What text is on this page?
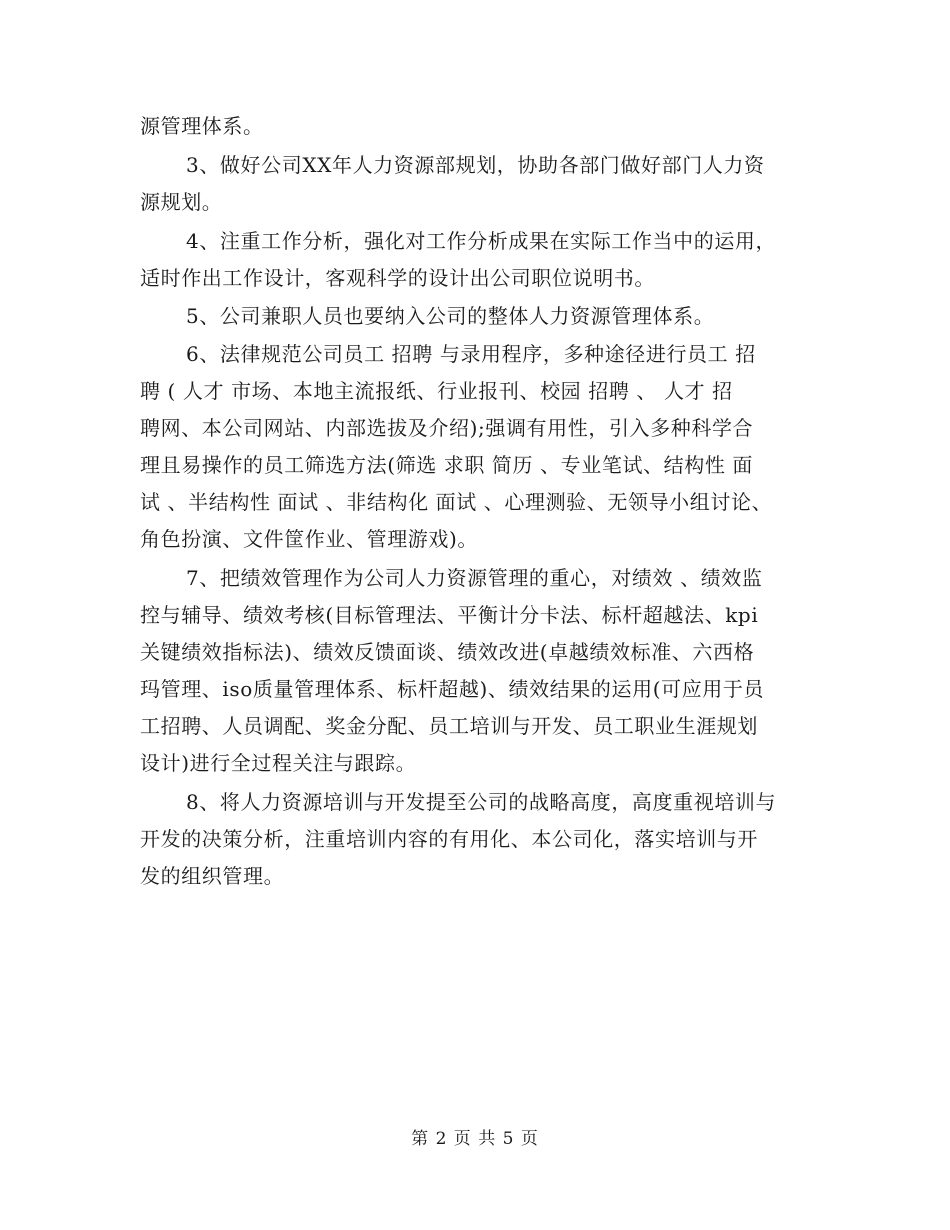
源管理体系。
3、做好公司XX年人力资源部规划，协助各部门做好部门人力资
源规划。
4、注重工作分析，强化对工作分析成果在实际工作当中的运用，
适时作出工作设计，客观科学的设计出公司职位说明书。
5、公司兼职人员也要纳入公司的整体人力资源管理体系。
6、法律规范公司员工 招聘 与录用程序，多种途径进行员工 招
聘 ( 人才 市场、本地主流报纸、行业报刊、校园 招聘 、 人才 招
聘网、本公司网站、内部选拔及介绍);强调有用性，引入多种科学合
理且易操作的员工筛选方法(筛选 求职 简历 、专业笔试、结构性 面
试 、半结构性 面试 、非结构化 面试 、心理测验、无领导小组讨论、
角色扮演、文件筐作业、管理游戏)。
7、把绩效管理作为公司人力资源管理的重心，对绩效 、绩效监
控与辅导、绩效考核(目标管理法、平衡计分卡法、标杆超越法、kpi
关键绩效指标法)、绩效反馈面谈、绩效改进(卓越绩效标准、六西格
玛管理、iso质量管理体系、标杆超越)、绩效结果的运用(可应用于员
工招聘、人员调配、奖金分配、员工培训与开发、员工职业生涯规划
设计)进行全过程关注与跟踪。
8、将人力资源培训与开发提至公司的战略高度，高度重视培训与
开发的决策分析，注重培训内容的有用化、本公司化，落实培训与开
发的组织管理。
第 2 页 共 5 页
